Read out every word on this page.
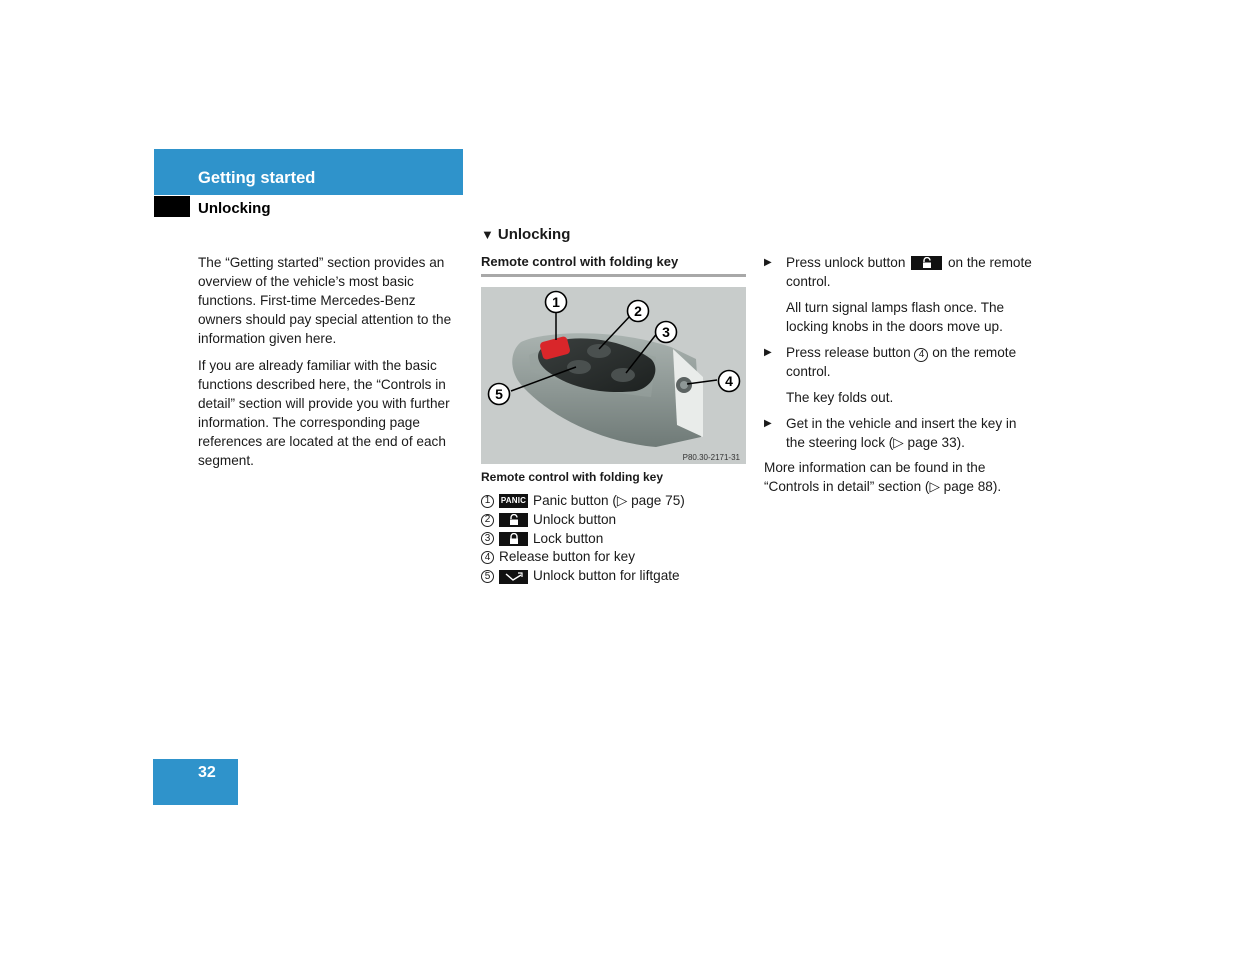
Getting started
Unlocking

The “Getting started” section provides an overview of the vehicle’s most basic functions. First-time Mercedes-Benz owners should pay special attention to the information given here.

If you are already familiar with the basic functions described here, the “Controls in detail” section will provide you with further information. The corresponding page references are located at the end of each segment.

▼ Unlocking
Remote control with folding key
1
2
3
4
5
P80.30-2171-31
Remote control with folding key
1	PANIC Panic button (▷ page 75)
2	Unlock button
3	Lock button
4 Release button for key
5	Unlock button for liftgate
▶	Press unlock button	on the remote control.
All turn signal lamps flash once. The locking knobs in the doors move up.
▶	Press release button 4 on the remote control.
The key folds out.
▶	Get in the vehicle and insert the key in the steering lock (▷ page 33).
More information can be found in the “Controls in detail” section (▷ page 88).
32
